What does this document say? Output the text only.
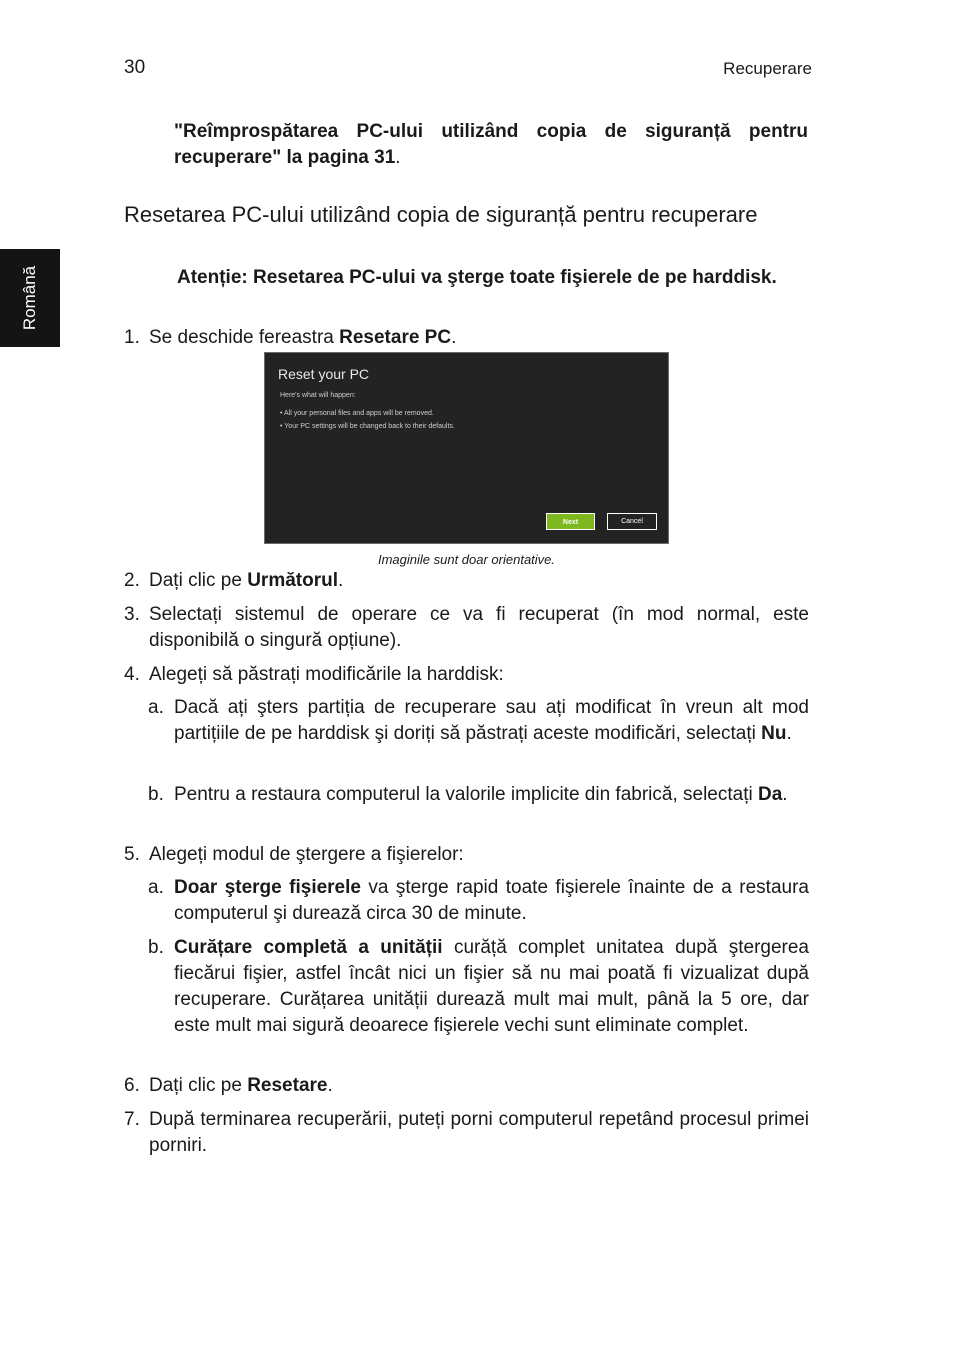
30	Recuperare
Română
"Reîmprospătarea PC-ului utilizând copia de siguranță pentru recuperare" la pagina 31.
Resetarea PC-ului utilizând copia de siguranță pentru recuperare
Atenție: Resetarea PC-ului va şterge toate fişierele de pe harddisk.
1. Se deschide fereastra Resetare PC.
Reset your PC
Here's what will happen:
• All your personal files and apps will be removed.
• Your PC settings will be changed back to their defaults.
Next	Cancel
Imaginile sunt doar orientative.
2. Dați clic pe Următorul.
3. Selectați sistemul de operare ce va fi recuperat (în mod normal, este disponibilă o singură opțiune).
4. Alegeți să păstrați modificările la harddisk:
a. Dacă ați şters partiția de recuperare sau ați modificat în vreun alt mod partițiile de pe harddisk şi doriți să păstrați aceste modificări, selectați Nu.
b. Pentru a restaura computerul la valorile implicite din fabrică, selectați Da.
5. Alegeți modul de ştergere a fişierelor:
a. Doar şterge fişierele va şterge rapid toate fişierele înainte de a restaura computerul şi durează circa 30 de minute.
b. Curățare completă a unității curăță complet unitatea după ştergerea fiecărui fişier, astfel încât nici un fişier să nu mai poată fi vizualizat după recuperare. Curățarea unității durează mult mai mult, până la 5 ore, dar este mult mai sigură deoarece fişierele vechi sunt eliminate complet.
6. Dați clic pe Resetare.
7. După terminarea recuperării, puteți porni computerul repetând procesul primei porniri.
